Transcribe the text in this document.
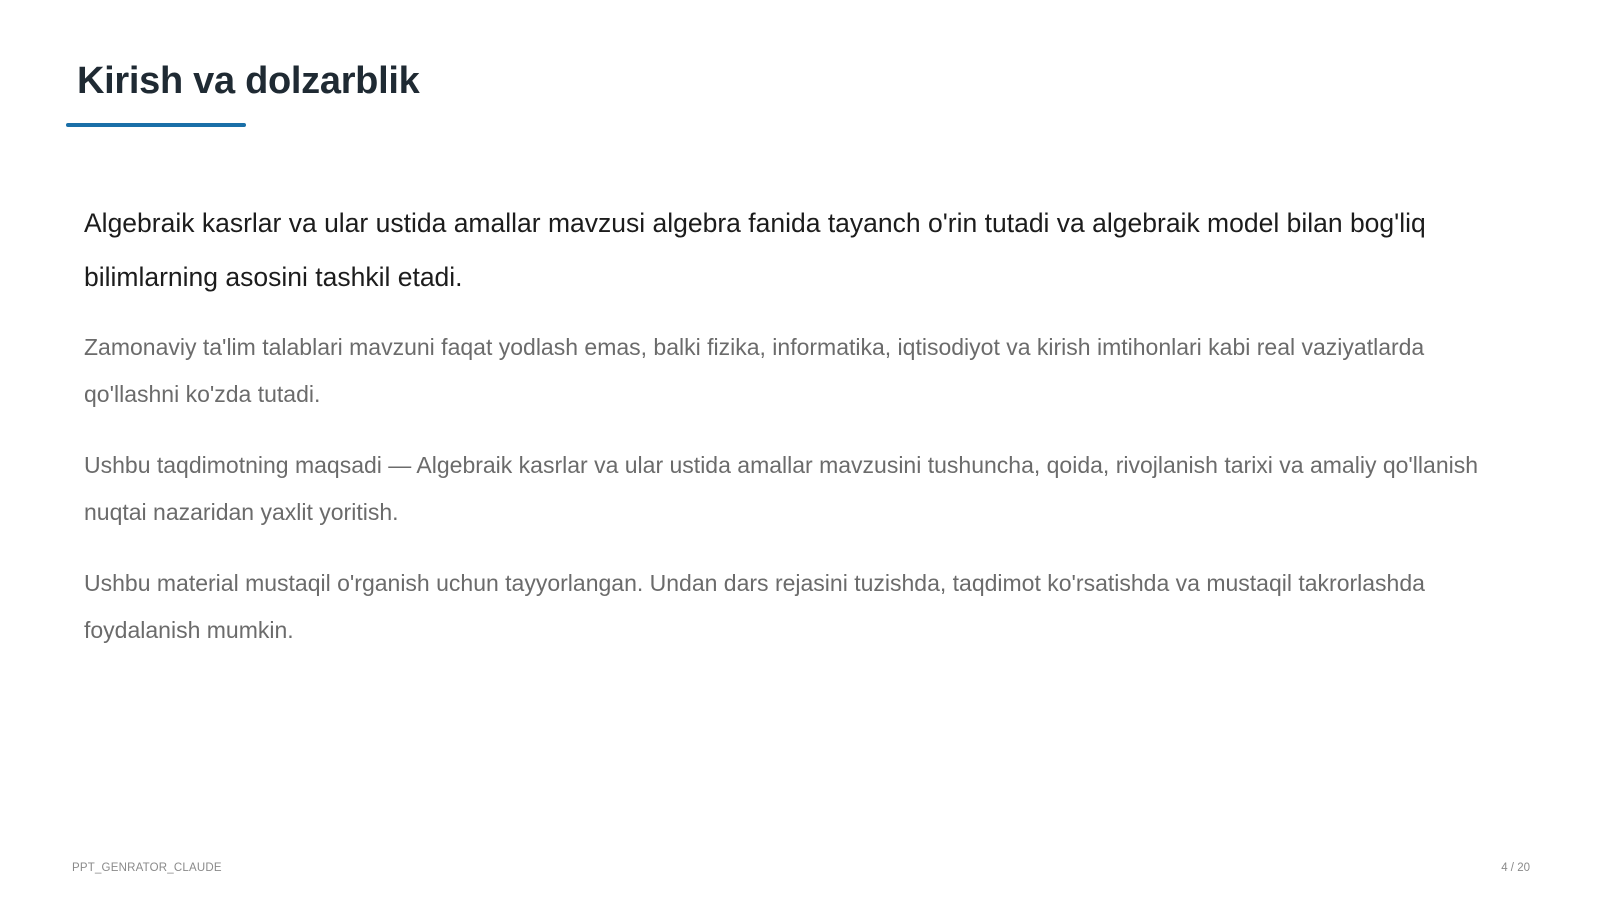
Kirish va dolzarblik

Algebraik kasrlar va ular ustida amallar mavzusi algebra fanida tayanch o'rin tutadi va algebraik model bilan bog'liq bilimlarning asosini tashkil etadi.

Zamonaviy ta'lim talablari mavzuni faqat yodlash emas, balki fizika, informatika, iqtisodiyot va kirish imtihonlari kabi real vaziyatlarda qo'llashni ko'zda tutadi.

Ushbu taqdimotning maqsadi — Algebraik kasrlar va ular ustida amallar mavzusini tushuncha, qoida, rivojlanish tarixi va amaliy qo'llanish nuqtai nazaridan yaxlit yoritish.

Ushbu material mustaqil o'rganish uchun tayyorlangan. Undan dars rejasini tuzishda, taqdimot ko'rsatishda va mustaqil takrorlashda foydalanish mumkin.

PPT_GENRATOR_CLAUDE	4 / 20
